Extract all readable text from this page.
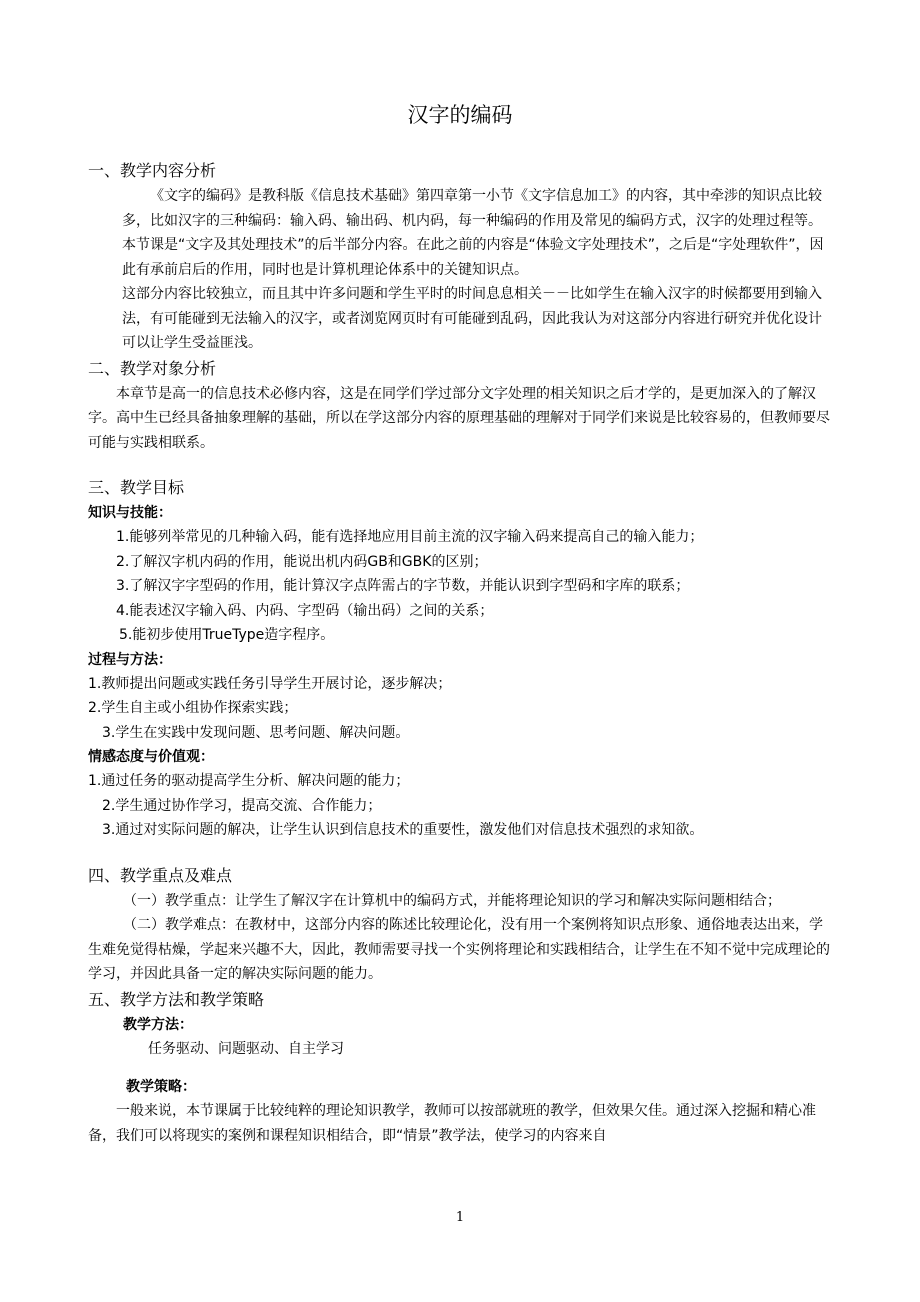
汉字的编码
一、教学内容分析

《文字的编码》是教科版《信息技术基础》第四章第一小节《文字信息加工》的内容，其中牵涉的知识点比较多，比如汉字的三种编码：输入码、输出码、机内码，每一种编码的作用及常见的编码方式，汉字的处理过程等。 本节课是“文字及其处理技术”的后半部分内容。在此之前的内容是“体验文字处理技术”，之后是“字处理软件”，因此有承前启后的作用，同时也是计算机理论体系中的关键知识点。

这部分内容比较独立，而且其中许多问题和学生平时的时间息息相关－－比如学生在输入汉字的时候都要用到输入法，有可能碰到无法输入的汉字，或者浏览网页时有可能碰到乱码，因此我认为对这部分内容进行研究并优化设计可以让学生受益匪浅。

二、教学对象分析

本章节是高一的信息技术必修内容，这是在同学们学过部分文字处理的相关知识之后才学的，是更加深入的了解汉字。高中生已经具备抽象理解的基础，所以在学这部分内容的原理基础的理解对于同学们来说是比较容易的，但教师要尽可能与实践相联系。

三、教学目标
知识与技能：

1.能够列举常见的几种输入码，能有选择地应用目前主流的汉字输入码来提高自己的输入能力；

2.了解汉字机内码的作用，能说出机内码GB和GBK的区别；

3.了解汉字字型码的作用，能计算汉字点阵需占的字节数，并能认识到字型码和字库的联系；

4.能表述汉字输入码、内码、字型码（输出码）之间的关系；

5.能初步使用TrueType造字程序。

过程与方法：

1.教师提出问题或实践任务引导学生开展讨论，逐步解决；

2.学生自主或小组协作探索实践；

3.学生在实践中发现问题、思考问题、解决问题。

情感态度与价值观：

1.通过任务的驱动提高学生分析、解决问题的能力；

2.学生通过协作学习，提高交流、合作能力；

3.通过对实际问题的解决，让学生认识到信息技术的重要性，激发他们对信息技术强烈的求知欲。

四、教学重点及难点

（一）教学重点：让学生了解汉字在计算机中的编码方式，并能将理论知识的学习和解决实际问题相结合；

（二）教学难点：在教材中，这部分内容的陈述比较理论化，没有用一个案例将知识点形象、通俗地表达出来，学生难免觉得枯燥，学起来兴趣不大，因此，教师需要寻找一个实例将理论和实践相结合，让学生在不知不觉中完成理论的学习，并因此具备一定的解决实际问题的能力。

五、教学方法和教学策略
教学方法：

任务驱动、问题驱动、自主学习

教学策略：

一般来说，本节课属于比较纯粹的理论知识教学，教师可以按部就班的教学，但效果欠佳。通过深入挖掘和精心准备，我们可以将现实的案例和课程知识相结合，即“情景”教学法，使学习的内容来自

1
